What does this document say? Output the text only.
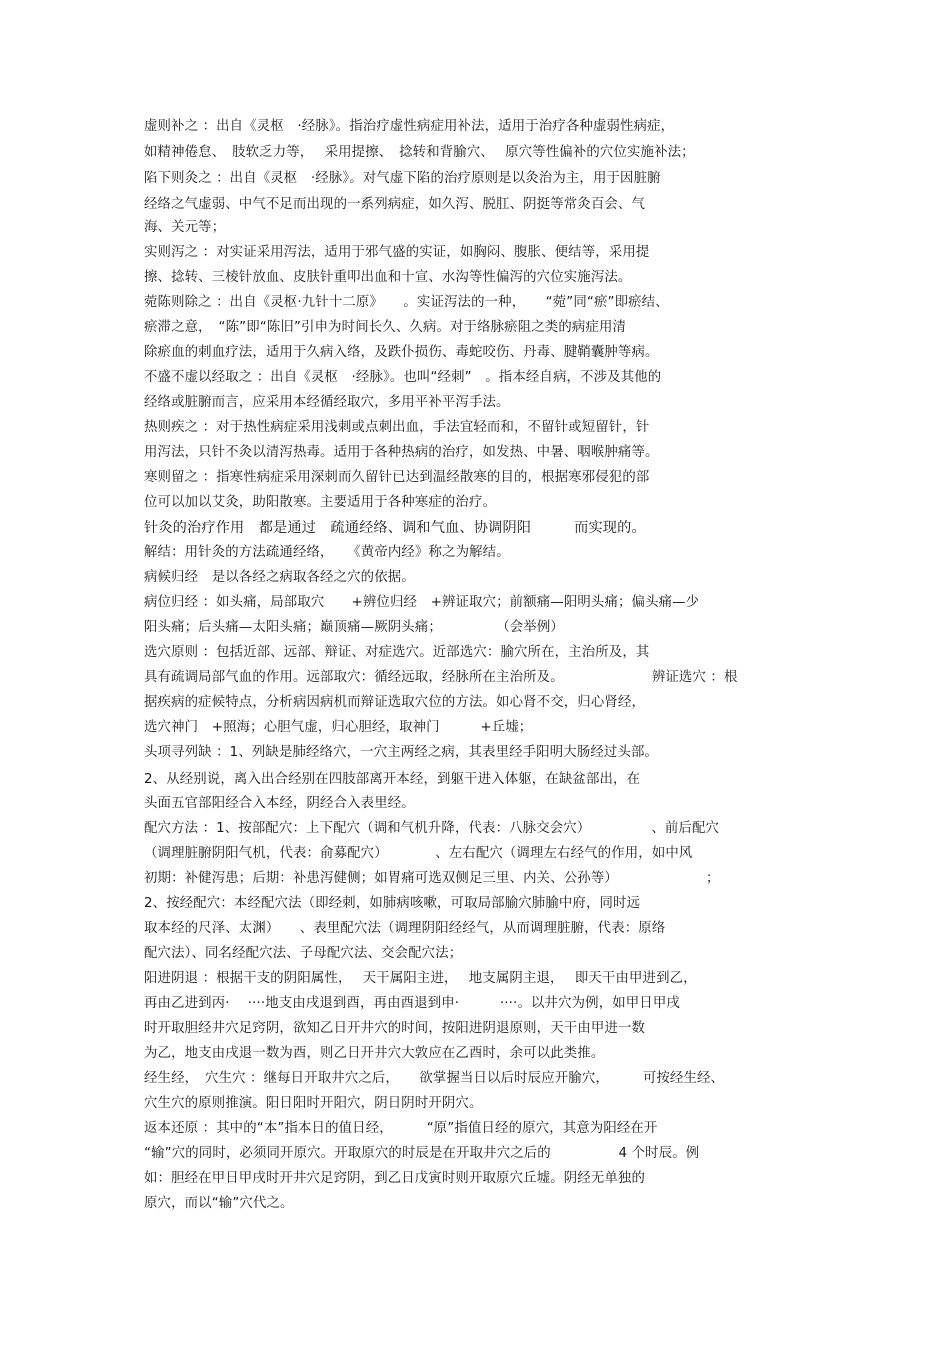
虚则补之 ：出自《灵枢　·经脉》。指治疗虚性病症用补法，适用于治疗各种虚弱性病症，
如精神倦怠、　肢软乏力等，　 采用提擦、　捻转和背腧穴、　 原穴等性偏补的穴位实施补法；
陷下则灸之 ：出自《灵枢　·经脉》。对气虚下陷的治疗原则是以灸治为主，用于因脏腑
经络之气虚弱、中气不足而出现的一系列病症，如久泻、脱肛、阴挺等常灸百会、气
海、关元等；
实则泻之 ：对实证采用泻法，适用于邪气盛的实证，如胸闷、腹胀、便结等，采用提
擦、捻转、三棱针放血、皮肤针重叩出血和十宣、水沟等性偏泻的穴位实施泻法。
菀陈则除之 ：出自《灵枢·九针十二原》　　。实证泻法的一种，　　“菀”同“瘀”即瘀结、
瘀滞之意，　“陈”即“陈旧”引申为时间长久、久病。对于络脉瘀阻之类的病症用清
除瘀血的刺血疗法，适用于久病入络，及跌仆损伤、毒蛇咬伤、丹毒、腱鞘囊肿等病。
不盛不虚以经取之 ：出自《灵枢　·经脉》。也叫“经刺”　。指本经自病，不涉及其他的
经络或脏腑而言，应采用本经循经取穴，多用平补平泻手法。
热则疾之 ：对于热性病症采用浅刺或点刺出血，手法宜轻而和，不留针或短留针，针
用泻法，只针不灸以清泻热毒。适用于各种热病的治疗，如发热、中暑、咽喉肿痛等。
寒则留之 ：指寒性病症采用深刺而久留针已达到温经散寒的目的，根据寒邪侵犯的部
位可以加以艾灸，助阳散寒。主要适用于各种寒症的治疗。
针灸的治疗作用　都是通过　疏通经络、调和气血、协调阴阳　　　而实现的。
解结：用针灸的方法疏通经络，　　《黄帝内经》称之为解结。
病候归经　是以各经之病取各经之穴的依据。
病位归经 ：如头痛，局部取穴　　+辨位归经　+辨证取穴；前额痛—阳明头痛；偏头痛—少
阳头痛；后头痛—太阳头痛；巅顶痛—厥阴头痛；　　　　　（会举例）
选穴原则 ：包括近部、远部、辩证、对症选穴。近部选穴：腧穴所在，主治所及，其
具有疏调局部气血的作用。远部取穴：循经远取，经脉所在主治所及。　　　　　　　辨证选穴 ：根
据疾病的症候特点，分析病因病机而辩证选取穴位的方法。如心肾不交，归心肾经，
选穴神门　+照海；心胆气虚，归心胆经，取神门　　　+丘墟；
头项寻列缺 ：1、列缺是肺经络穴，一穴主两经之病，其表里经手阳明大肠经过头部。
2、从经别说，离入出合经别在四肢部离开本经，到躯干进入体躯，在缺盆部出，在
头面五官部阳经合入本经，阴经合入表里经。
配穴方法 ：1、按部配穴：上下配穴（调和气机升降，代表：八脉交会穴）　　　　　、前后配穴
（调理脏腑阴阳气机，代表：俞募配穴）　　　　、左右配穴（调理左右经气的作用，如中风
初期：补健泻患；后期：补患泻健侧；如胃痛可选双侧足三里、内关、公孙等）　　　　　　　；
2、按经配穴：本经配穴法（即经刺，如肺病咳嗽，可取局部腧穴肺腧中府，同时远
取本经的尺泽、太渊）　　、表里配穴法（调理阴阳经经气，从而调理脏腑，代表：原络
配穴法）、同名经配穴法、子母配穴法、交会配穴法；
阳进阴退 ：根据干支的阴阳属性，　 天干属阳主进，　 地支属阴主退，　 即天干由甲进到乙，
再由乙进到丙·　 ····地支由戌退到酉，再由酉退到申·　　　····。以井穴为例，如甲日甲戌
时开取胆经井穴足窍阴，欲知乙日开井穴的时间，按阳进阴退原则，天干由甲进一数
为乙，地支由戌退一数为酉，则乙日开井穴大敦应在乙酉时，余可以此类推。
经生经，　穴生穴 ：继每日开取井穴之后，　　欲掌握当日以后时辰应开腧穴，　　　可按经生经、
穴生穴的原则推演。阳日阳时开阳穴，阴日阴时开阴穴。
返本还原 ：其中的“本”指本日的值日经，　　　“原”指值日经的原穴，其意为阳经在开
“输”穴的同时，必须同开原穴。开取原穴的时辰是在开取井穴之后的　　　　　4 个时辰。例
如：胆经在甲日甲戌时开井穴足窍阴，到乙日戊寅时则开取原穴丘墟。阴经无单独的
原穴，而以“输”穴代之。
